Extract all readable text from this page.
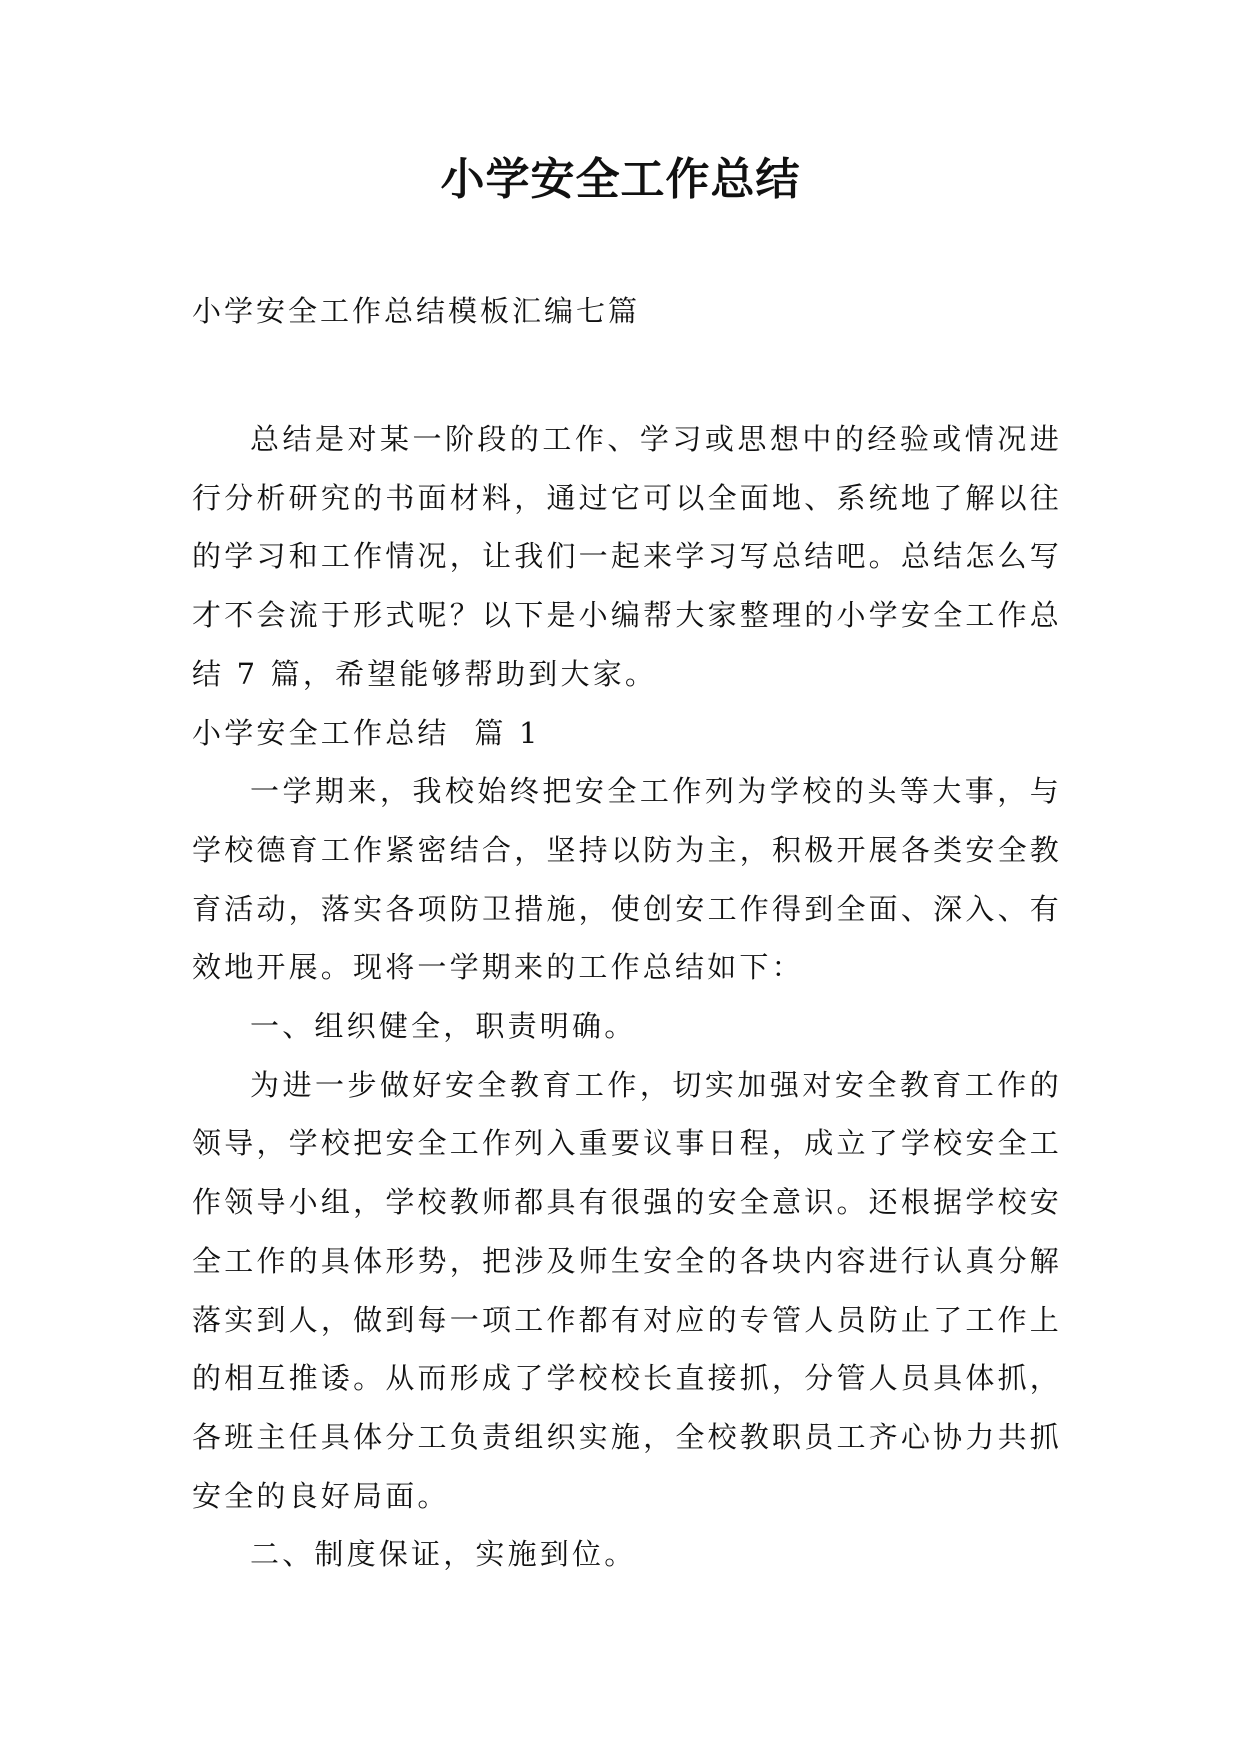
小学安全工作总结

小学安全工作总结模板汇编七篇

总结是对某一阶段的工作、学习或思想中的经验或情况进行分析研究的书面材料，通过它可以全面地、系统地了解以往的学习和工作情况，让我们一起来学习写总结吧。总结怎么写才不会流于形式呢？以下是小编帮大家整理的小学安全工作总结 7 篇，希望能够帮助到大家。

小学安全工作总结  篇 1

一学期来，我校始终把安全工作列为学校的头等大事，与学校德育工作紧密结合，坚持以防为主，积极开展各类安全教育活动，落实各项防卫措施，使创安工作得到全面、深入、有效地开展。现将一学期来的工作总结如下：

一、组织健全，职责明确。

为进一步做好安全教育工作，切实加强对安全教育工作的领导，学校把安全工作列入重要议事日程，成立了学校安全工作领导小组，学校教师都具有很强的安全意识。还根据学校安全工作的具体形势，把涉及师生安全的各块内容进行认真分解落实到人，做到每一项工作都有对应的专管人员防止了工作上的相互推诿。从而形成了学校校长直接抓，分管人员具体抓，各班主任具体分工负责组织实施，全校教职员工齐心协力共抓安全的良好局面。

二、制度保证，实施到位。
